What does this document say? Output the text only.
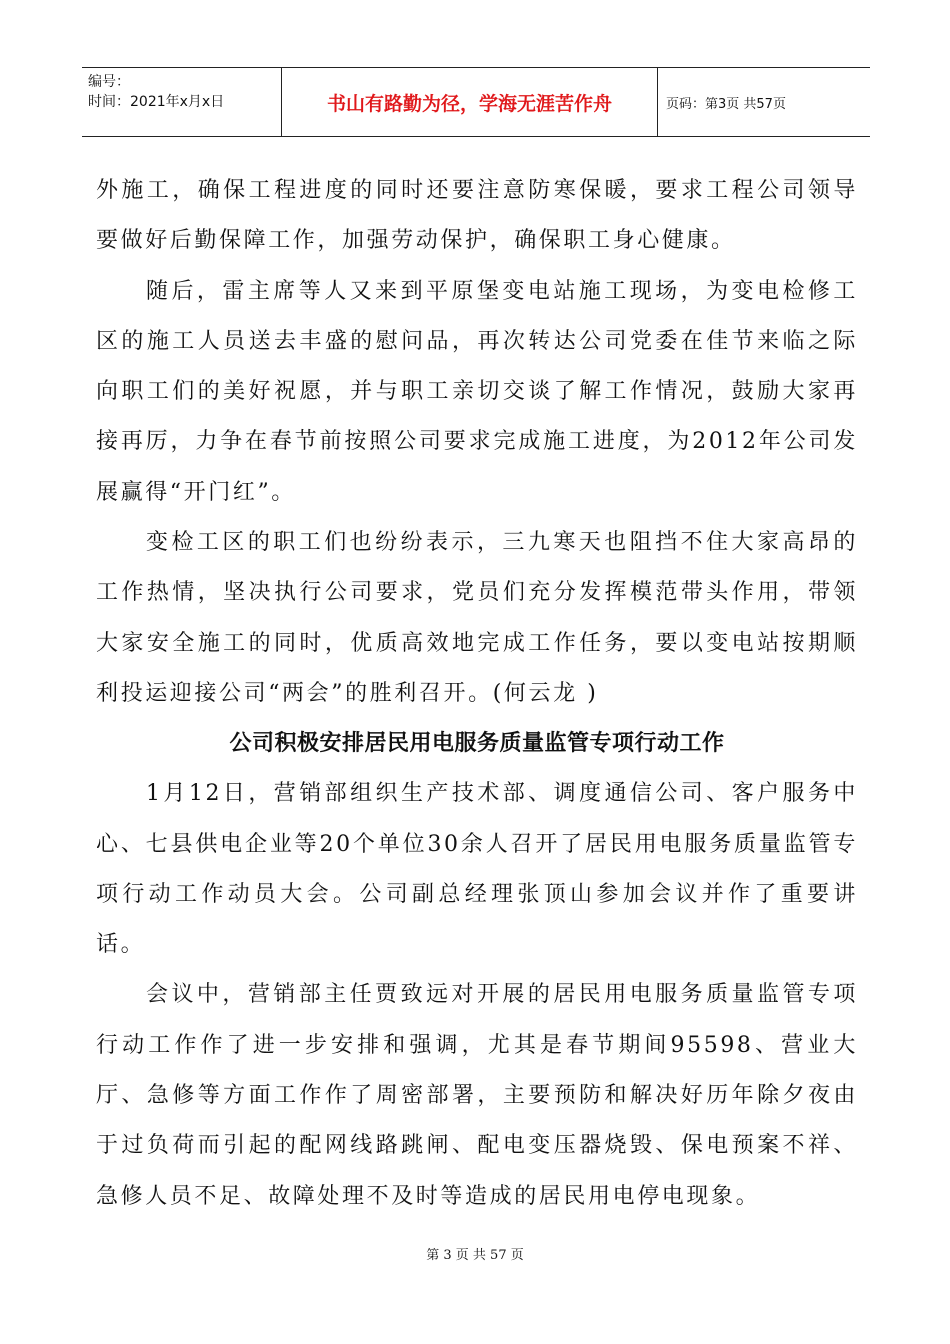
编号：
时间：2021年x月x日	书山有路勤为径，学海无涯苦作舟	页码：第3页 共57页

外施工，确保工程进度的同时还要注意防寒保暖，要求工程公司领导要做好后勤保障工作，加强劳动保护，确保职工身心健康。

随后，雷主席等人又来到平原堡变电站施工现场，为变电检修工区的施工人员送去丰盛的慰问品，再次转达公司党委在佳节来临之际向职工们的美好祝愿，并与职工亲切交谈了解工作情况，鼓励大家再接再厉，力争在春节前按照公司要求完成施工进度，为2012年公司发展赢得“开门红”。

变检工区的职工们也纷纷表示，三九寒天也阻挡不住大家高昂的工作热情，坚决执行公司要求，党员们充分发挥模范带头作用，带领大家安全施工的同时，优质高效地完成工作任务，要以变电站按期顺利投运迎接公司“两会”的胜利召开。(何云龙 )

公司积极安排居民用电服务质量监管专项行动工作

1月12日，营销部组织生产技术部、调度通信公司、客户服务中心、七县供电企业等20个单位30余人召开了居民用电服务质量监管专项行动工作动员大会。公司副总经理张顶山参加会议并作了重要讲话。

会议中，营销部主任贾致远对开展的居民用电服务质量监管专项行动工作作了进一步安排和强调，尤其是春节期间95598、营业大厅、急修等方面工作作了周密部署，主要预防和解决好历年除夕夜由于过负荷而引起的配网线路跳闸、配电变压器烧毁、保电预案不祥、急修人员不足、故障处理不及时等造成的居民用电停电现象。

第 3 页 共 57 页
